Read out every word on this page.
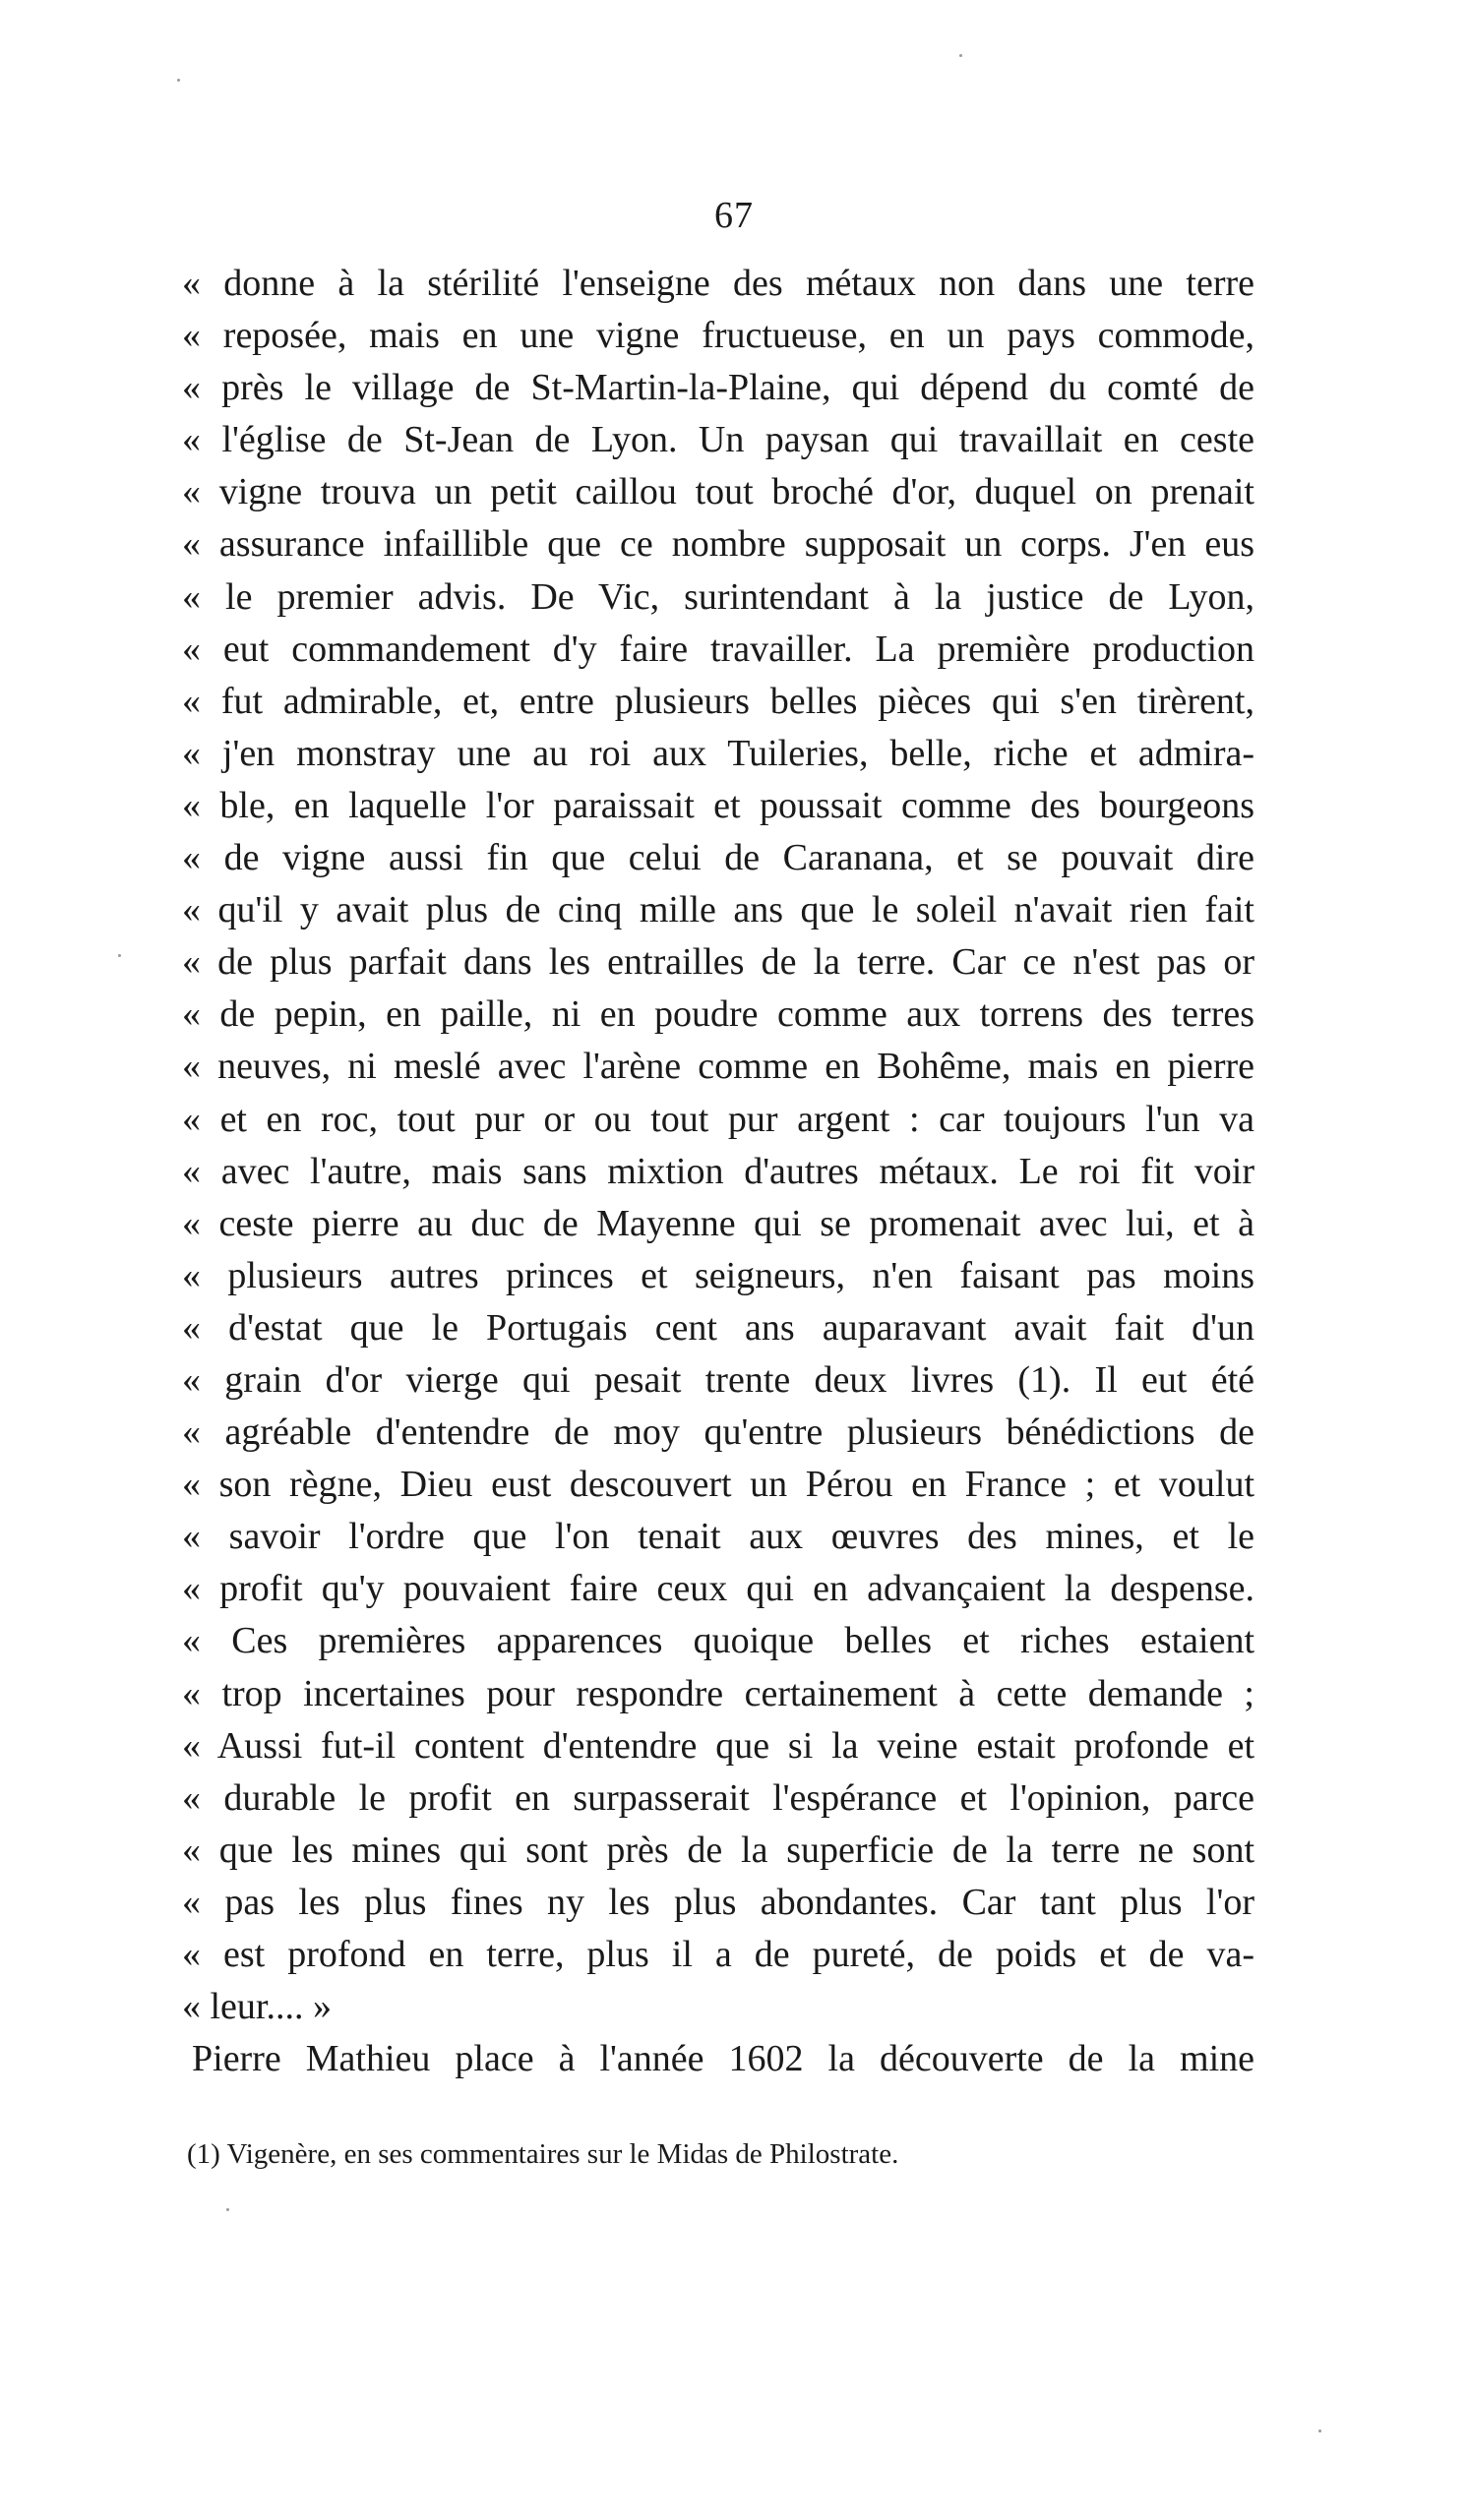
67
« donne à la stérilité l'enseigne des métaux non dans une terre
« reposée, mais en une vigne fructueuse, en un pays commode,
« près le village de St-Martin-la-Plaine, qui dépend du comté de
« l'église de St-Jean de Lyon. Un paysan qui travaillait en ceste
« vigne trouva un petit caillou tout broché d'or, duquel on prenait
« assurance infaillible que ce nombre supposait un corps. J'en eus
« le premier advis. De Vic, surintendant à la justice de Lyon,
« eut commandement d'y faire travailler. La première production
« fut admirable, et, entre plusieurs belles pièces qui s'en tirèrent,
« j'en monstray une au roi aux Tuileries, belle, riche et admira-
« ble, en laquelle l'or paraissait et poussait comme des bourgeons
« de vigne aussi fin que celui de Caranana, et se pouvait dire
« qu'il y avait plus de cinq mille ans que le soleil n'avait rien fait
« de plus parfait dans les entrailles de la terre. Car ce n'est pas or
« de pepin, en paille, ni en poudre comme aux torrens des terres
« neuves, ni meslé avec l'arène comme en Bohême, mais en pierre
« et en roc, tout pur or ou tout pur argent : car toujours l'un va
« avec l'autre, mais sans mixtion d'autres métaux. Le roi fit voir
« ceste pierre au duc de Mayenne qui se promenait avec lui, et à
« plusieurs autres princes et seigneurs, n'en faisant pas moins
« d'estat que le Portugais cent ans auparavant avait fait d'un
« grain d'or vierge qui pesait trente deux livres (1). Il eut été
« agréable d'entendre de moy qu'entre plusieurs bénédictions de
« son règne, Dieu eust descouvert un Pérou en France ; et voulut
« savoir l'ordre que l'on tenait aux œuvres des mines, et le
« profit qu'y pouvaient faire ceux qui en advançaient la despense.
« Ces premières apparences quoique belles et riches estaient
« trop incertaines pour respondre certainement à cette demande ;
« Aussi fut-il content d'entendre que si la veine estait profonde et
« durable le profit en surpasserait l'espérance et l'opinion, parce
« que les mines qui sont près de la superficie de la terre ne sont
« pas les plus fines ny les plus abondantes. Car tant plus l'or
« est profond en terre, plus il a de pureté, de poids et de va-
« leur.... »
Pierre Mathieu place à l'année 1602 la découverte de la mine
(1) Vigenère, en ses commentaires sur le Midas de Philostrate.
